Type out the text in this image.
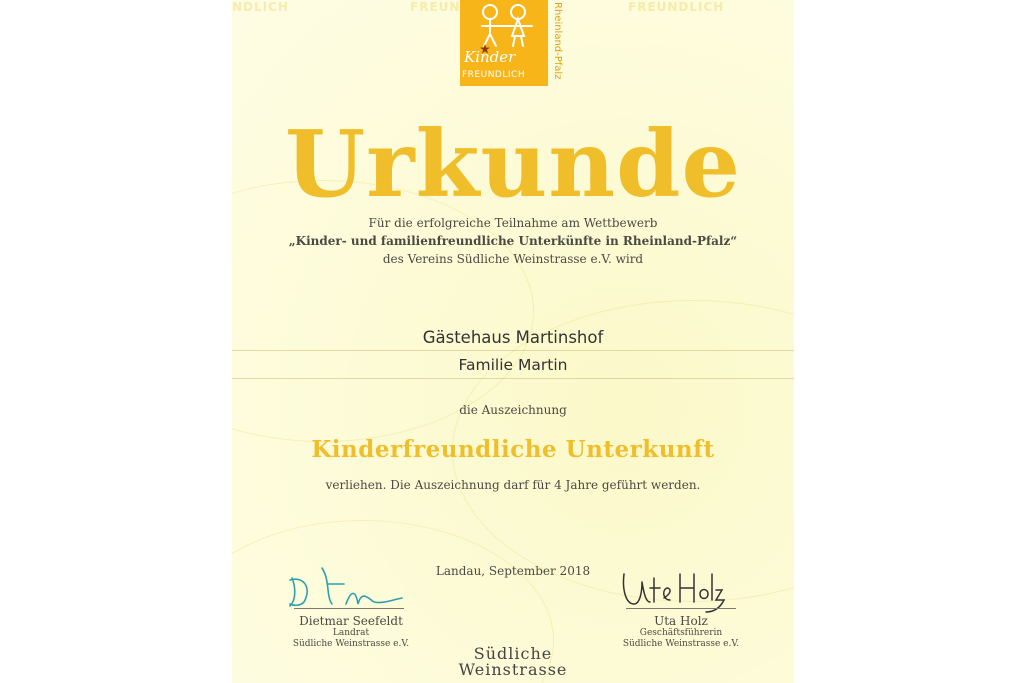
NDLICH	FREUN	FREUNDLICH
Kinder
FREUNDLICH	Rheinland-Pfalz
Urkunde
Für die erfolgreiche Teilnahme am Wettbewerb
„Kinder- und familienfreundliche Unterkünfte in Rheinland-Pfalz“
des Vereins Südliche Weinstrasse e.V. wird
Gästehaus Martinshof
Familie Martin
die Auszeichnung
Kinderfreundliche Unterkunft
verliehen. Die Auszeichnung darf für 4 Jahre geführt werden.
Landau, September 2018
Dietmar Seefeldt
Landrat
Südliche Weinstrasse e.V.
Uta Holz
Geschäftsführerin
Südliche Weinstrasse e.V.
Südliche
Weinstrasse
